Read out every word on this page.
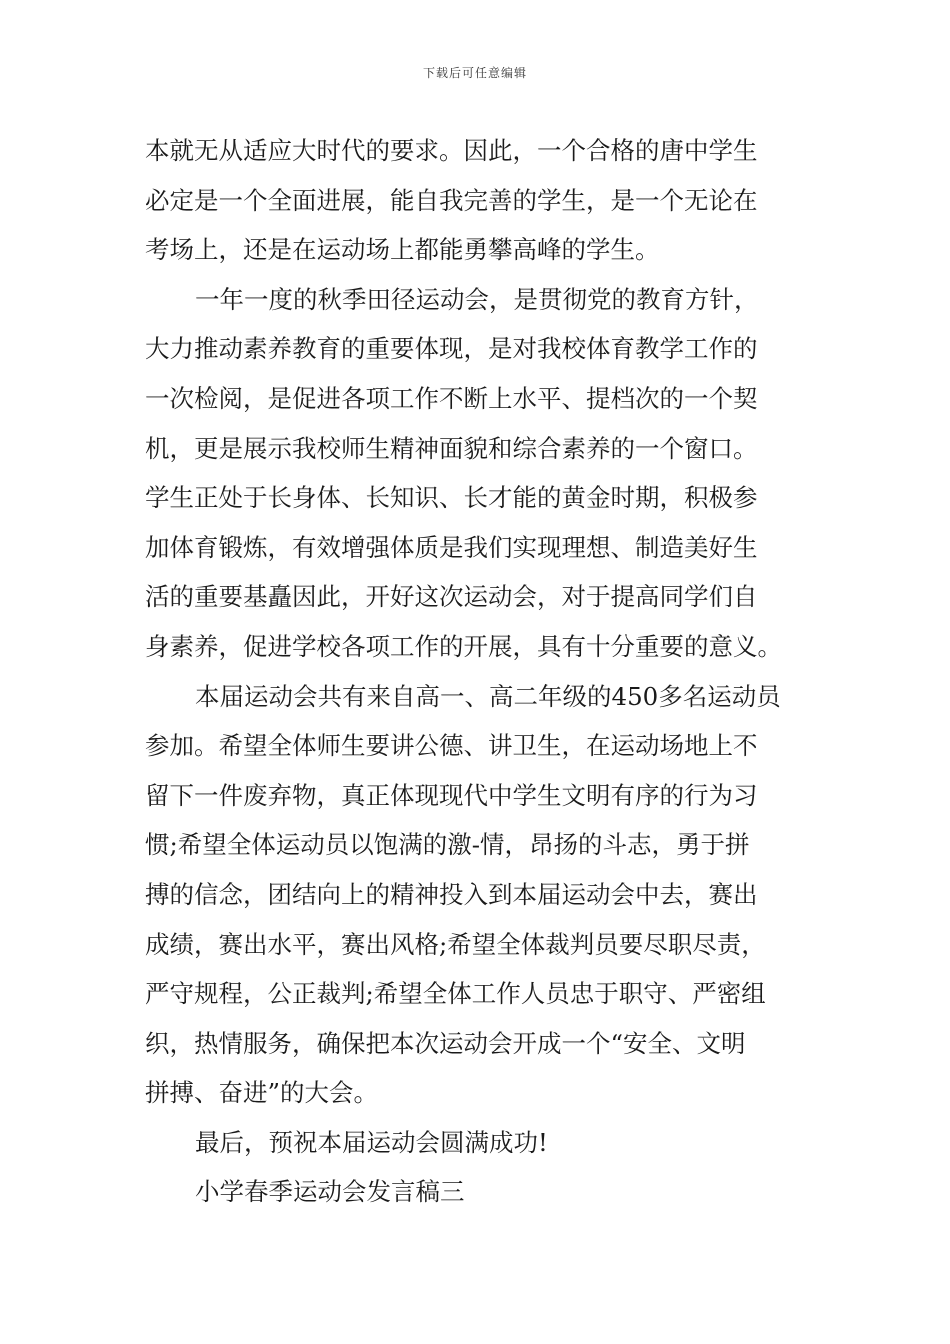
下载后可任意编辑
本就无从适应大时代的要求。因此，一个合格的唐中学生
必定是一个全面进展，能自我完善的学生，是一个无论在
考场上，还是在运动场上都能勇攀高峰的学生。
一年一度的秋季田径运动会，是贯彻党的教育方针，
大力推动素养教育的重要体现，是对我校体育教学工作的
一次检阅，是促进各项工作不断上水平、提档次的一个契
机，更是展示我校师生精神面貌和综合素养的一个窗口。
学生正处于长身体、长知识、长才能的黄金时期，积极参
加体育锻炼，有效增强体质是我们实现理想、制造美好生
活的重要基矗因此，开好这次运动会，对于提高同学们自
身素养，促进学校各项工作的开展，具有十分重要的意义。
本届运动会共有来自高一、高二年级的450多名运动员
参加。希望全体师生要讲公德、讲卫生，在运动场地上不
留下一件废弃物，真正体现现代中学生文明有序的行为习
惯;希望全体运动员以饱满的激-情，昂扬的斗志，勇于拼
搏的信念，团结向上的精神投入到本届运动会中去，赛出
成绩，赛出水平，赛出风格;希望全体裁判员要尽职尽责，
严守规程，公正裁判;希望全体工作人员忠于职守、严密组
织，热情服务，确保把本次运动会开成一个“安全、文明
拼搏、奋进”的大会。
最后，预祝本届运动会圆满成功!
小学春季运动会发言稿三
